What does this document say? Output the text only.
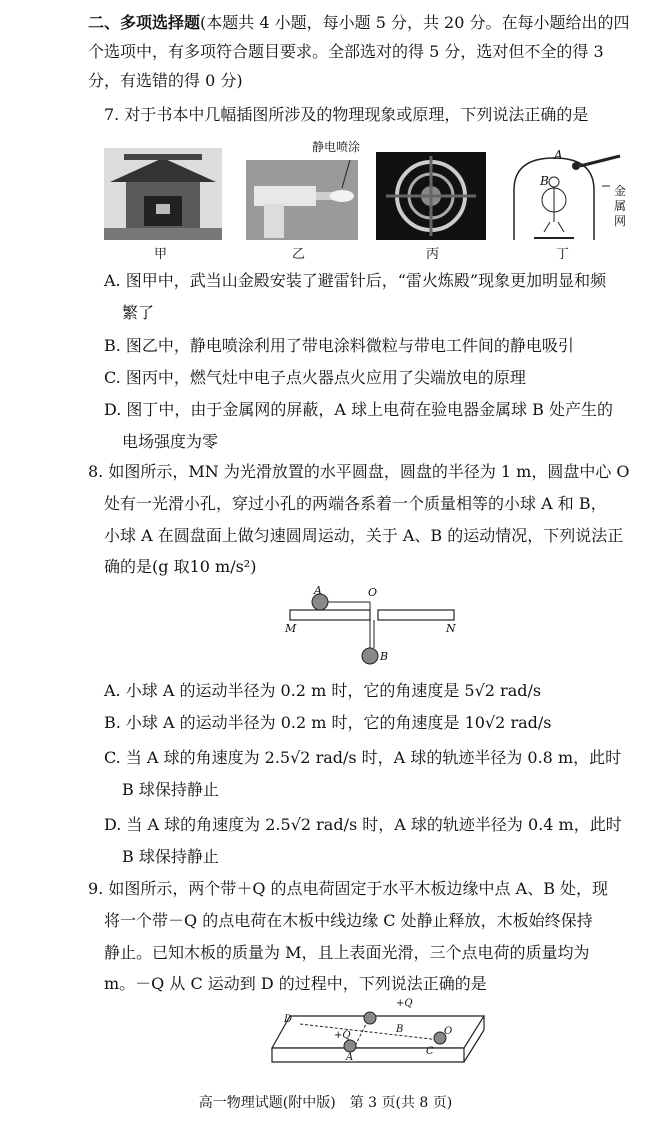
二、多项选择题(本题共 4 小题，每小题 5 分，共 20 分。在每小题给出的四
个选项中，有多项符合题目要求。全部选对的得 5 分，选对但不全的得 3
分，有选错的得 0 分)
7. 对于书本中几幅插图所涉及的物理现象或原理，下列说法正确的是
甲
静电喷涂
乙	丙
A
B
金
属
网
丁
A. 图甲中，武当山金殿安装了避雷针后，“雷火炼殿”现象更加明显和频
繁了
B. 图乙中，静电喷涂利用了带电涂料微粒与带电工件间的静电吸引
C. 图丙中，燃气灶中电子点火器点火应用了尖端放电的原理
D. 图丁中，由于金属网的屏蔽，A 球上电荷在验电器金属球 B 处产生的
电场强度为零
8. 如图所示，MN 为光滑放置的水平圆盘，圆盘的半径为 1 m，圆盘中心 O
处有一光滑小孔，穿过小孔的两端各系着一个质量相等的小球 A 和 B，
小球 A 在圆盘面上做匀速圆周运动，关于 A、B 的运动情况，下列说法正
确的是(g 取10 m/s²)
A	O
M	N
B
A. 小球 A 的运动半径为 0.2 m 时，它的角速度是 5√2 rad/s
B. 小球 A 的运动半径为 0.2 m 时，它的角速度是 10√2 rad/s
C. 当 A 球的角速度为 2.5√2 rad/s 时，A 球的轨迹半径为 0.8 m，此时
B 球保持静止
D. 当 A 球的角速度为 2.5√2 rad/s 时，A 球的轨迹半径为 0.4 m，此时
B 球保持静止
9. 如图所示，两个带＋Q 的点电荷固定于水平木板边缘中点 A、B 处，现
将一个带－Q 的点电荷在木板中线边缘 C 处静止释放，木板始终保持
静止。已知木板的质量为 M，且上表面光滑，三个点电荷的质量均为
m。－Q 从 C 运动到 D 的过程中，下列说法正确的是
D
+Q
B
+Q
A
C
O
高一物理试题(附中版)　第 3 页(共 8 页)
